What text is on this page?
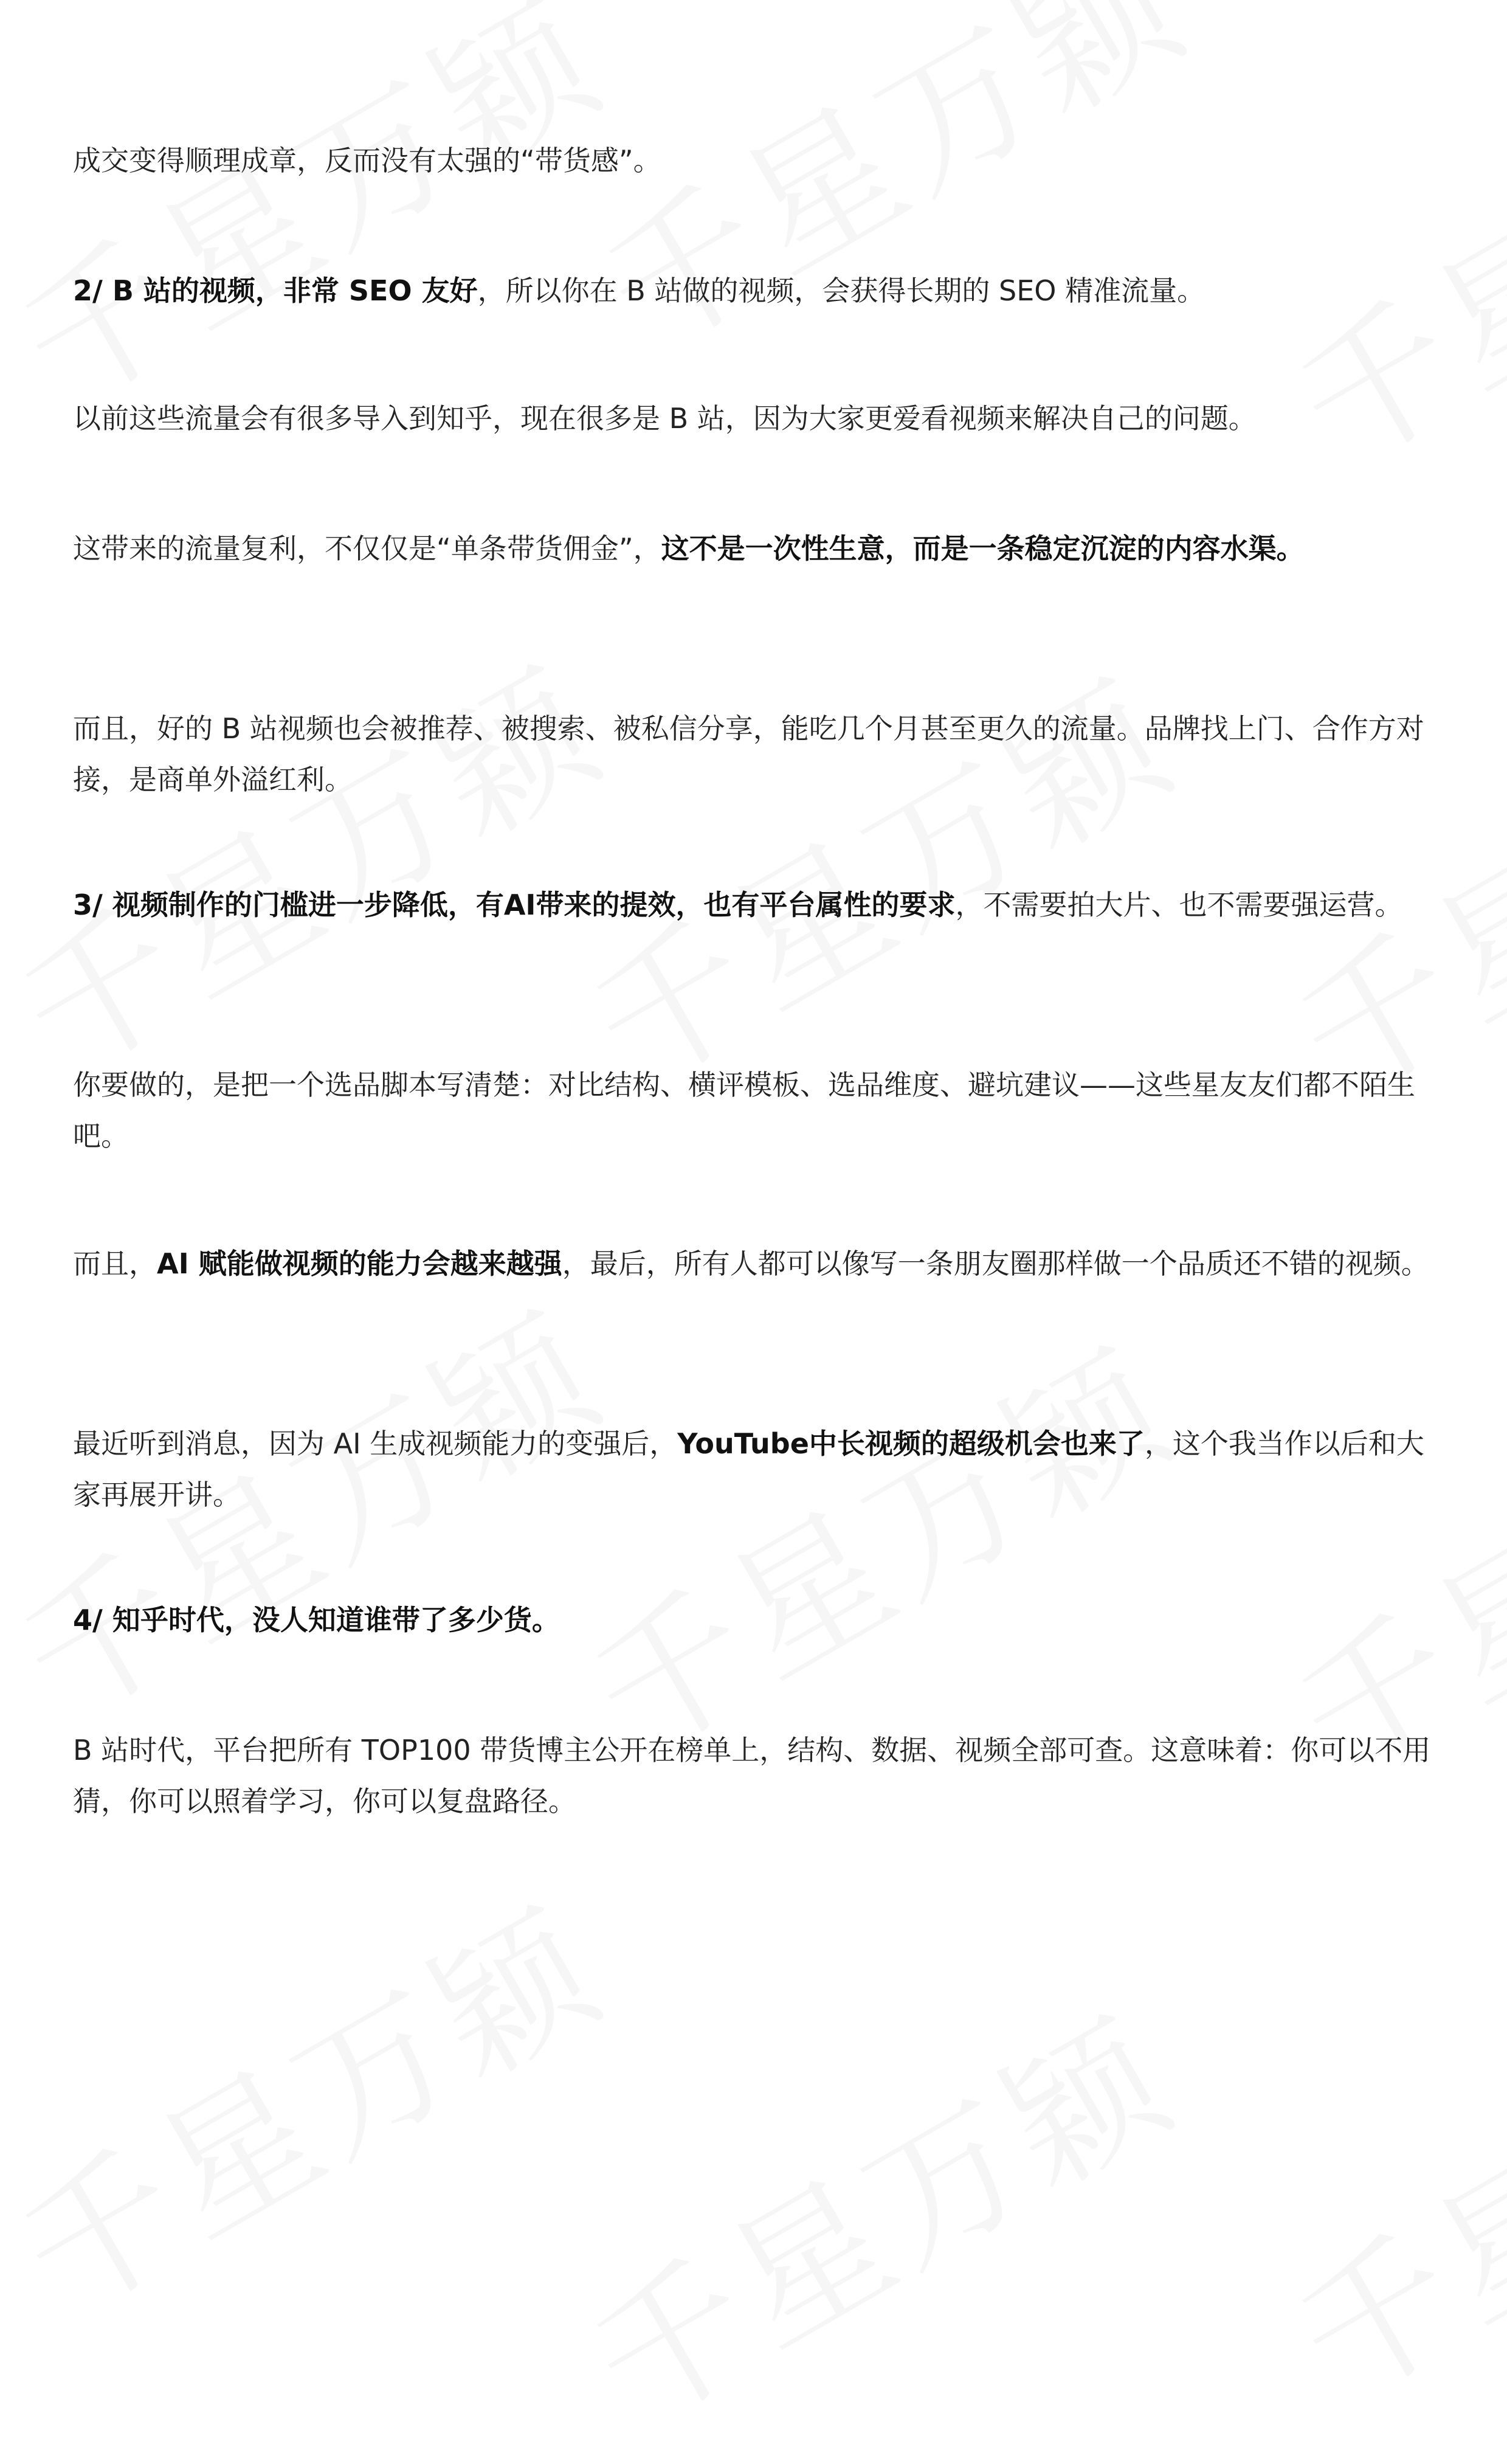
成交变得顺理成章，反而没有太强的“带货感”。

2/ B 站的视频，非常 SEO 友好，所以你在 B 站做的视频，会获得长期的 SEO 精准流量。

以前这些流量会有很多导入到知乎，现在很多是 B 站，因为大家更爱看视频来解决自己的问题。

这带来的流量复利，不仅仅是“单条带货佣金”，这不是一次性生意，而是一条稳定沉淀的内容水渠。

而且，好的 B 站视频也会被推荐、被搜索、被私信分享，能吃几个月甚至更久的流量。品牌找上门、合作方对接，是商单外溢红利。

3/ 视频制作的门槛进一步降低，有AI带来的提效，也有平台属性的要求，不需要拍大片、也不需要强运营。

你要做的，是把一个选品脚本写清楚：对比结构、横评模板、选品维度、避坑建议——这些星友友们都不陌生吧。

而且，AI 赋能做视频的能力会越来越强，最后，所有人都可以像写一条朋友圈那样做一个品质还不错的视频。

最近听到消息，因为 AI 生成视频能力的变强后，YouTube中长视频的超级机会也来了，这个我当作以后和大家再展开讲。

4/ 知乎时代，没人知道谁带了多少货。

B 站时代，平台把所有 TOP100 带货博主公开在榜单上，结构、数据、视频全部可查。这意味着：你可以不用猜，你可以照着学习，你可以复盘路径。
